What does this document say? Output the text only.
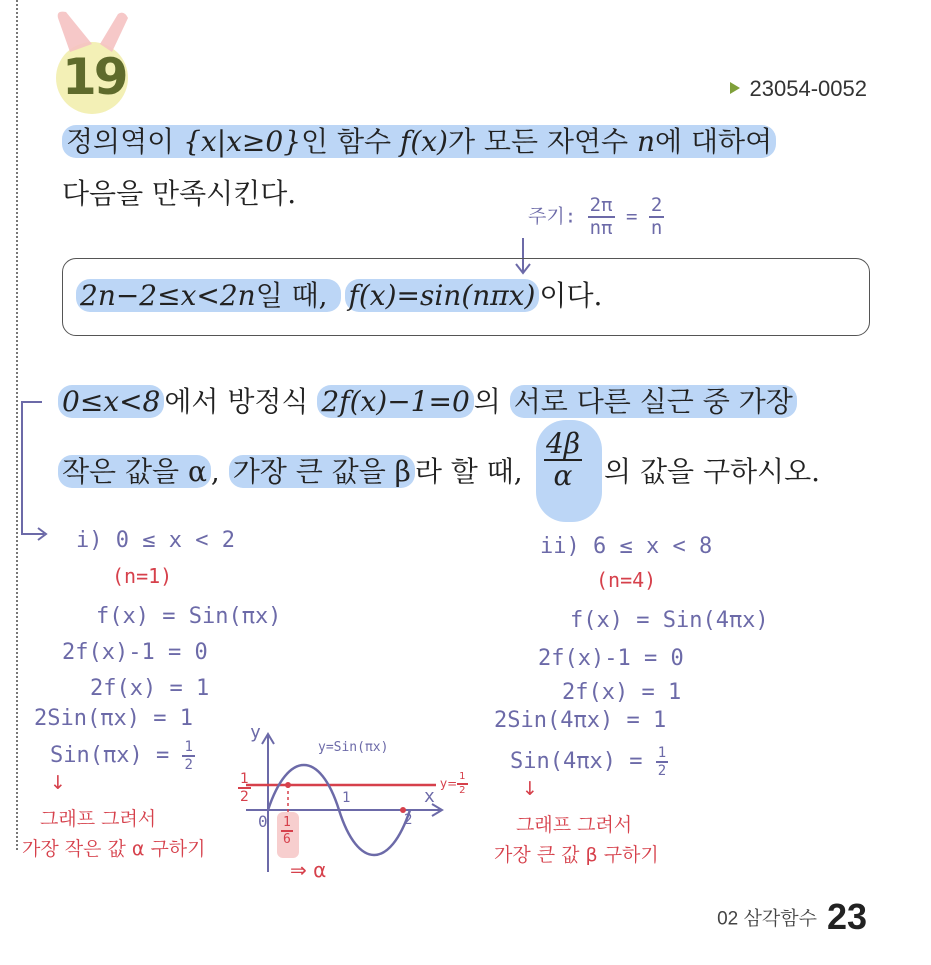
19	23054-0052
정의역이 {x|x≥0}인 함수 f(x)가 모든 자연수 n에 대하여
다음을 만족시킨다.
주기: $\frac{2\pi}{n\pi} = \frac{2}{n}$
2n−2≤x<2n일 때, f(x)=sin(nπx) 이다.
0≤x<8 에서 방정식 2f(x)−1=0 의 서로 다른 실근 중 가장
작은 값을 α , 가장 큰 값을 β 라 할 때, $\frac{4\beta}{\alpha}$ 의 값을 구하시오.
i) 0 ≤ x < 2
(n=1)
f(x) = Sin(πx)
2f(x)-1 = 0
2f(x) = 1
2Sin(πx) = 1
$Sin(\pi x) = \frac{1}{2}$
↓
그래프 그려서
가장 작은 값 α 구하기
y
x
y=Sin(πx)
$y= \frac{1}{2}$
$\frac{1}{2}$
0
1
2
$\frac{1}{6}$
⇒ α
ii) 6 ≤ x < 8
(n=4)
f(x) = Sin(4πx)
2f(x)-1 = 0
2f(x) = 1
2Sin(4πx) = 1
$Sin(4\pi x) = \frac{1}{2}$
↓
그래프 그려서
가장 큰 값 β 구하기
02 삼각함수 23
